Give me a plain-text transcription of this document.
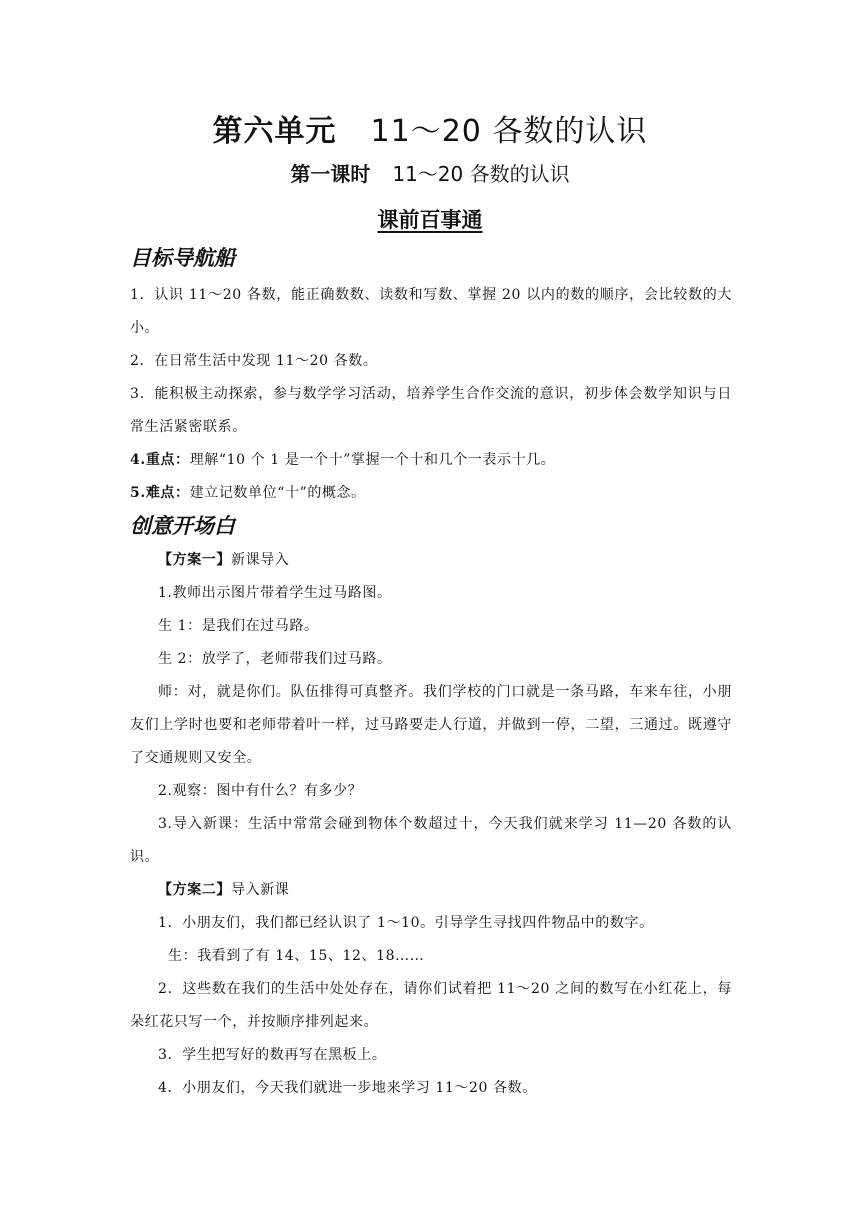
第六单元 11～20 各数的认识
第一课时 11～20 各数的认识
课前百事通
目标导航船
1．认识 11～20 各数，能正确数数、读数和写数、掌握 20 以内的数的顺序，会比较数的大小。
2．在日常生活中发现 11～20 各数。
3．能积极主动探索，参与数学学习活动，培养学生合作交流的意识，初步体会数学知识与日常生活紧密联系。
4.重点：理解“10 个 1 是一个十”掌握一个十和几个一表示十几。
5.难点：建立记数单位“十”的概念。
创意开场白
【方案一】新课导入
1.教师出示图片带着学生过马路图。
生 1：是我们在过马路。
生 2：放学了，老师带我们过马路。
师：对，就是你们。队伍排得可真整齐。我们学校的门口就是一条马路，车来车往，小朋友们上学时也要和老师带着叶一样，过马路要走人行道，并做到一停，二望，三通过。既遵守了交通规则又安全。
2.观察：图中有什么？有多少？
3.导入新课：生活中常常会碰到物体个数超过十，今天我们就来学习 11—20 各数的认识。
【方案二】导入新课
1．小朋友们，我们都已经认识了 1～10。引导学生寻找四件物品中的数字。
生：我看到了有 14、15、12、18……
2．这些数在我们的生活中处处存在，请你们试着把 11～20 之间的数写在小红花上，每朵红花只写一个，并按顺序排列起来。
3．学生把写好的数再写在黑板上。
4．小朋友们，今天我们就进一步地来学习 11～20 各数。
